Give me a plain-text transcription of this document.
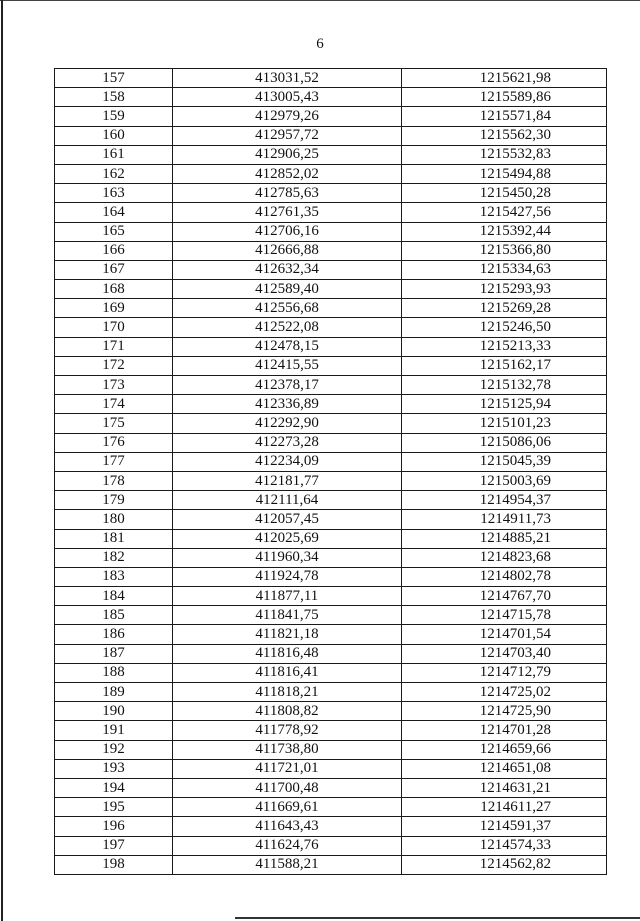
6
157	413031,52	1215621,98
158	413005,43	1215589,86
159	412979,26	1215571,84
160	412957,72	1215562,30
161	412906,25	1215532,83
162	412852,02	1215494,88
163	412785,63	1215450,28
164	412761,35	1215427,56
165	412706,16	1215392,44
166	412666,88	1215366,80
167	412632,34	1215334,63
168	412589,40	1215293,93
169	412556,68	1215269,28
170	412522,08	1215246,50
171	412478,15	1215213,33
172	412415,55	1215162,17
173	412378,17	1215132,78
174	412336,89	1215125,94
175	412292,90	1215101,23
176	412273,28	1215086,06
177	412234,09	1215045,39
178	412181,77	1215003,69
179	412111,64	1214954,37
180	412057,45	1214911,73
181	412025,69	1214885,21
182	411960,34	1214823,68
183	411924,78	1214802,78
184	411877,11	1214767,70
185	411841,75	1214715,78
186	411821,18	1214701,54
187	411816,48	1214703,40
188	411816,41	1214712,79
189	411818,21	1214725,02
190	411808,82	1214725,90
191	411778,92	1214701,28
192	411738,80	1214659,66
193	411721,01	1214651,08
194	411700,48	1214631,21
195	411669,61	1214611,27
196	411643,43	1214591,37
197	411624,76	1214574,33
198	411588,21	1214562,82
